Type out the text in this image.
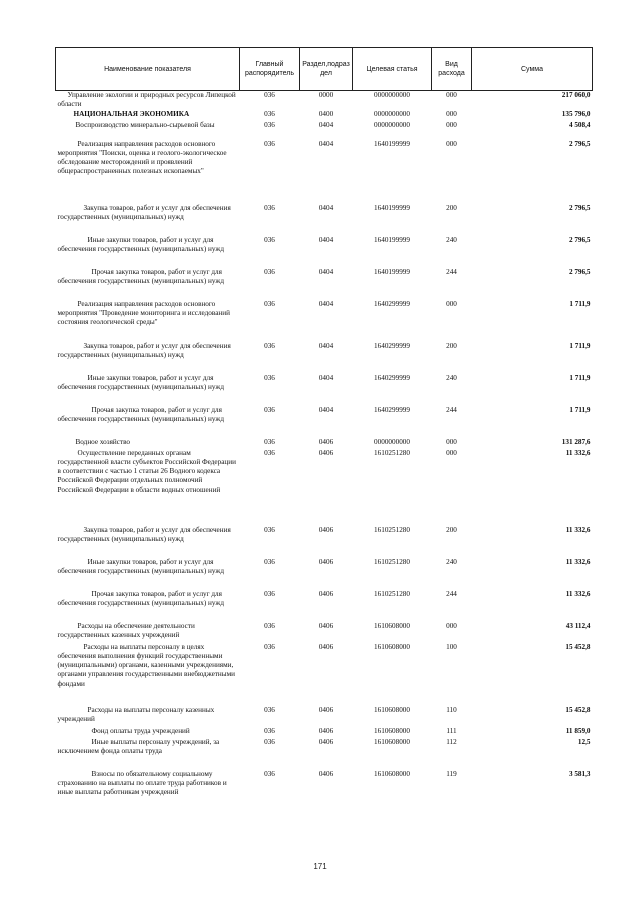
Наименование показателя	Главный распорядитель	Раздел,подраз дел	Целевая статья	Вид расхода	Сумма
Управление экологии и природных ресурсов Липецкой области	036	0000	0000000000	000	217 060,0
НАЦИОНАЛЬНАЯ ЭКОНОМИКА	036	0400	0000000000	000	135 796,0
Воспроизводство минерально-сырьевой базы	036	0404	0000000000	000	4 508,4
Реализация направления расходов основного мероприятия "Поиски, оценка и геолого-экологическое обследование месторождений и проявлений общераспространенных полезных ископаемых"	036	0404	1640199999	000	2 796,5
Закупка товаров, работ и услуг для обеспечения государственных (муниципальных) нужд	036	0404	1640199999	200	2 796,5
Иные закупки товаров, работ и услуг для обеспечения государственных (муниципальных) нужд	036	0404	1640199999	240	2 796,5
Прочая закупка товаров, работ и услуг для обеспечения государственных (муниципальных) нужд	036	0404	1640199999	244	2 796,5
Реализация направления расходов основного мероприятия "Проведение мониторинга и исследований состояния геологической среды"	036	0404	1640299999	000	1 711,9
Закупка товаров, работ и услуг для обеспечения государственных (муниципальных) нужд	036	0404	1640299999	200	1 711,9
Иные закупки товаров, работ и услуг для обеспечения государственных (муниципальных) нужд	036	0404	1640299999	240	1 711,9
Прочая закупка товаров, работ и услуг для обеспечения государственных (муниципальных) нужд	036	0404	1640299999	244	1 711,9
Водное хозяйство	036	0406	0000000000	000	131 287,6
Осуществление переданных органам государственной власти субъектов Российской Федерации в соответствии с частью 1 статьи 26 Водного кодекса Российской Федерации отдельных полномочий Российской Федерации в области водных отношений	036	0406	1610251280	000	11 332,6
Закупка товаров, работ и услуг для обеспечения государственных (муниципальных) нужд	036	0406	1610251280	200	11 332,6
Иные закупки товаров, работ и услуг для обеспечения государственных (муниципальных) нужд	036	0406	1610251280	240	11 332,6
Прочая закупка товаров, работ и услуг для обеспечения государственных (муниципальных) нужд	036	0406	1610251280	244	11 332,6
Расходы на обеспечение деятельности государственных казенных учреждений	036	0406	1610608000	000	43 112,4
Расходы на выплаты персоналу в целях обеспечения выполнения функций государственными (муниципальными) органами, казенными учреждениями, органами управления государственными внебюджетными фондами	036	0406	1610608000	100	15 452,8
Расходы на выплаты персоналу казенных учреждений	036	0406	1610608000	110	15 452,8
Фонд оплаты труда учреждений	036	0406	1610608000	111	11 859,0
Иные выплаты персоналу учреждений, за исключением фонда оплаты труда	036	0406	1610608000	112	12,5
Взносы по обязательному социальному страхованию на выплаты по оплате труда работников и иные выплаты работникам учреждений	036	0406	1610608000	119	3 581,3
171
